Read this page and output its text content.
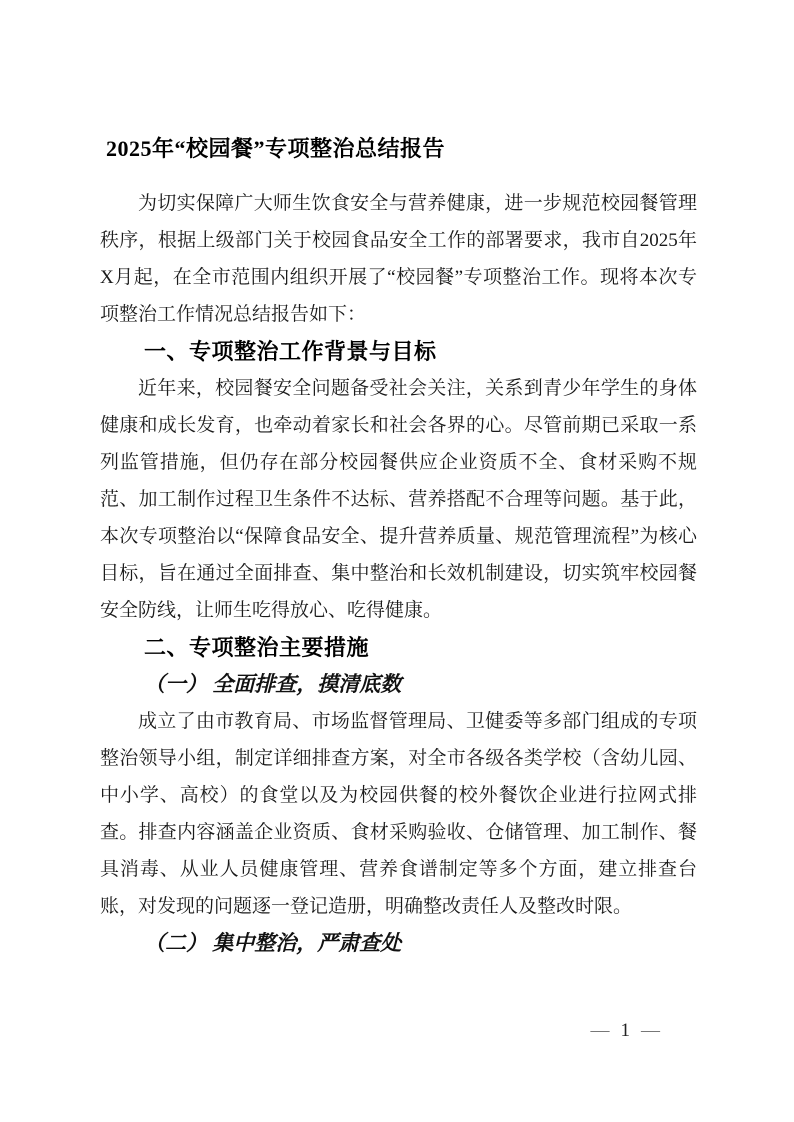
2025年“校园餐”专项整治总结报告

为切实保障广大师生饮食安全与营养健康，进一步规范校园餐管理秩序，根据上级部门关于校园食品安全工作的部署要求，我市自2025年X月起，在全市范围内组织开展了“校园餐”专项整治工作。现将本次专项整治工作情况总结报告如下：

一、专项整治工作背景与目标

近年来，校园餐安全问题备受社会关注，关系到青少年学生的身体健康和成长发育，也牵动着家长和社会各界的心。尽管前期已采取一系列监管措施，但仍存在部分校园餐供应企业资质不全、食材采购不规范、加工制作过程卫生条件不达标、营养搭配不合理等问题。基于此，本次专项整治以“保障食品安全、提升营养质量、规范管理流程”为核心目标，旨在通过全面排查、集中整治和长效机制建设，切实筑牢校园餐安全防线，让师生吃得放心、吃得健康。

二、专项整治主要措施
（一） 全面排查，摸清底数

成立了由市教育局、市场监督管理局、卫健委等多部门组成的专项整治领导小组，制定详细排查方案，对全市各级各类学校（含幼儿园、中小学、高校）的食堂以及为校园供餐的校外餐饮企业进行拉网式排查。排查内容涵盖企业资质、食材采购验收、仓储管理、加工制作、餐具消毒、从业人员健康管理、营养食谱制定等多个方面，建立排查台账，对发现的问题逐一登记造册，明确整改责任人及整改时限。

（二） 集中整治，严肃查处
— 1 —
